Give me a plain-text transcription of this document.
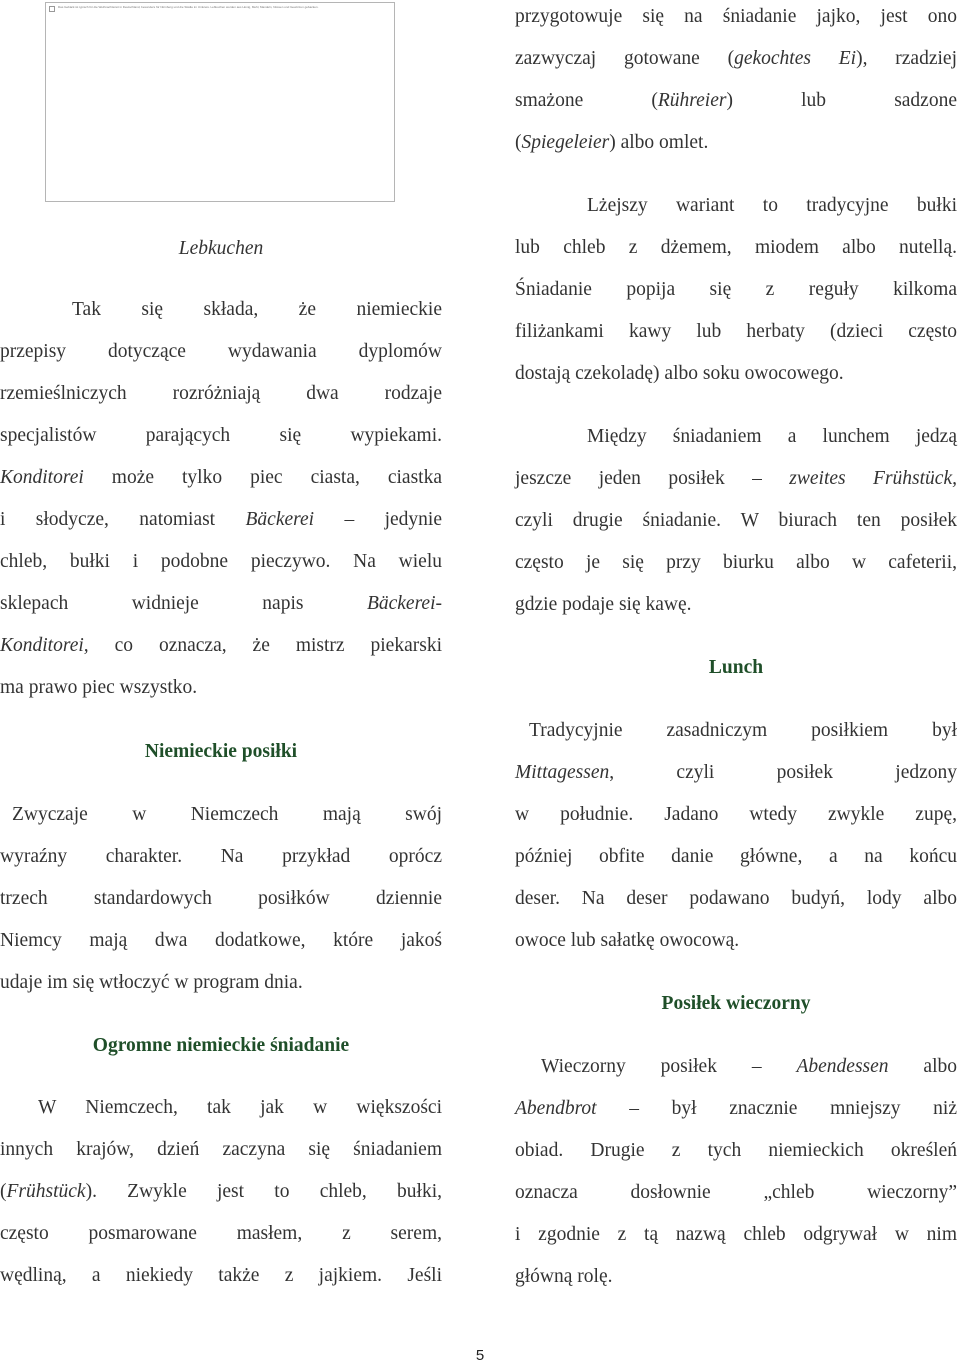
Das Gebäck ist typisch für die Weihnachtszeit in Deutschland, besonders für Nürnberg und die Städte im Umkreis. Lebkuchen werden aus Honig, Mehl, Mandeln, Nüssen und Gewürzen gebacken.
Lebkuchen
Tak się składa, że niemieckie
przepisy dotyczące wydawania dyplomów
rzemieślniczych rozróżniają dwa rodzaje
specjalistów parających się wypiekami.
Konditorei może tylko piec ciasta, ciastka
i słodycze, natomiast Bäckerei – jedynie
chleb, bułki i podobne pieczywo. Na wielu
sklepach widnieje napis Bäckerei-
Konditorei, co oznacza, że mistrz piekarski
ma prawo piec wszystko.
Niemieckie posiłki
Zwyczaje w Niemczech mają swój
wyraźny charakter. Na przykład oprócz
trzech standardowych posiłków dziennie
Niemcy mają dwa dodatkowe, które jakoś
udaje im się wtłoczyć w program dnia.
Ogromne niemieckie śniadanie
W Niemczech, tak jak w większości
innych krajów, dzień zaczyna się śniadaniem
(Frühstück). Zwykle jest to chleb, bułki,
często posmarowane masłem, z serem,
wędliną, a niekiedy także z jajkiem. Jeśli
przygotowuje się na śniadanie jajko, jest ono
zazwyczaj gotowane (gekochtes Ei), rzadziej
smażone (Rühreier) lub sadzone
(Spiegeleier) albo omlet.
Lżejszy wariant to tradycyjne bułki
lub chleb z dżemem, miodem albo nutellą.
Śniadanie popija się z reguły kilkoma
filiżankami kawy lub herbaty (dzieci często
dostają czekoladę) albo soku owocowego.
Między śniadaniem a lunchem jedzą
jeszcze jeden posiłek – zweites Frühstück,
czyli drugie śniadanie. W biurach ten posiłek
często je się przy biurku albo w cafeterii,
gdzie podaje się kawę.
Lunch
Tradycyjnie zasadniczym posiłkiem był
Mittagessen, czyli posiłek jedzony
w południe. Jadano wtedy zwykle zupę,
później obfite danie główne, a na końcu
deser. Na deser podawano budyń, lody albo
owoce lub sałatkę owocową.
Posiłek wieczorny
Wieczorny posiłek – Abendessen albo
Abendbrot – był znacznie mniejszy niż
obiad. Drugie z tych niemieckich określeń
oznacza dosłownie „chleb wieczorny”
i zgodnie z tą nazwą chleb odgrywał w nim
główną rolę.
5
